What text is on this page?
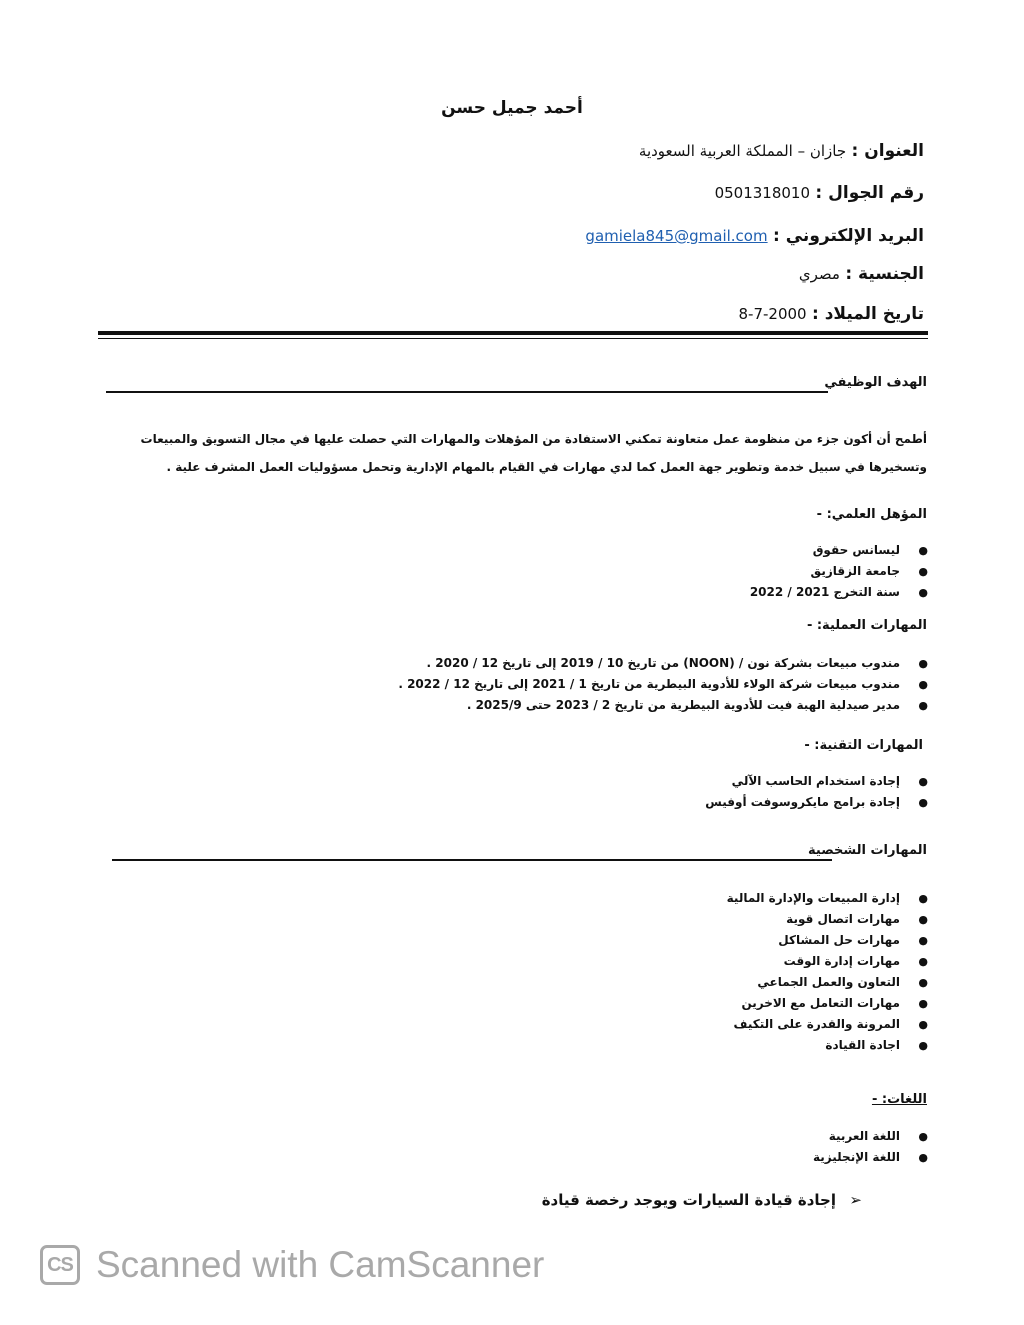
أحمد جميل حسن
العنوان : جازان – المملكة العربية السعودية
رقم الجوال : 0501318010
البريد الإلكتروني : gamiela845@gmail.com
الجنسية : مصري
تاريخ الميلاد : 8-7-2000
الهدف الوظيفي
أطمح أن أكون جزء من منظومة عمل متعاونة تمكني الاستفادة من المؤهلات والمهارات التي حصلت عليها في مجال التسويق والمبيعات وتسخيرها في سبيل خدمة وتطوير جهة العمل كما لدي مهارات في القيام بالمهام الإدارية وتحمل مسؤوليات العمل المشرف علية .
المؤهل العلمي: -
●
ليسانس حقوق
●
جامعة الزقازيق
●
سنة التخرج 2021 / 2022
المهارات العملية: -
●
مندوب مبيعات بشركة نون / (NOON) من تاريخ 10 / 2019 إلى تاريخ 12 / 2020 .
●
مندوب مبيعات شركة الولاء للأدوية البيطرية من تاريخ 1 / 2021 إلى تاريخ 12 / 2022 .
●
مدير صيدلية الهبة فيت للأدوية البيطرية من تاريخ 2 / 2023 حتى 2025/9 .
المهارات التقنية: -
●
إجادة استخدام الحاسب الآلي
●
إجادة برامج مايكروسوفت أوفيس
المهارات الشخصية
●
إدارة المبيعات والإدارة المالية
●
مهارات اتصال قوية
●
مهارات حل المشاكل
●
مهارات إدارة الوقت
●
التعاون والعمل الجماعي
●
مهارات التعامل مع الاخرين
●
المرونة والقدرة على التكيف
●
اجادة القيادة
اللغات: -
●
اللغة العربية
●
اللغة الإنجليزية
➢
إجادة قيادة السيارات ويوجد رخصة قيادة
CS Scanned with CamScanner
